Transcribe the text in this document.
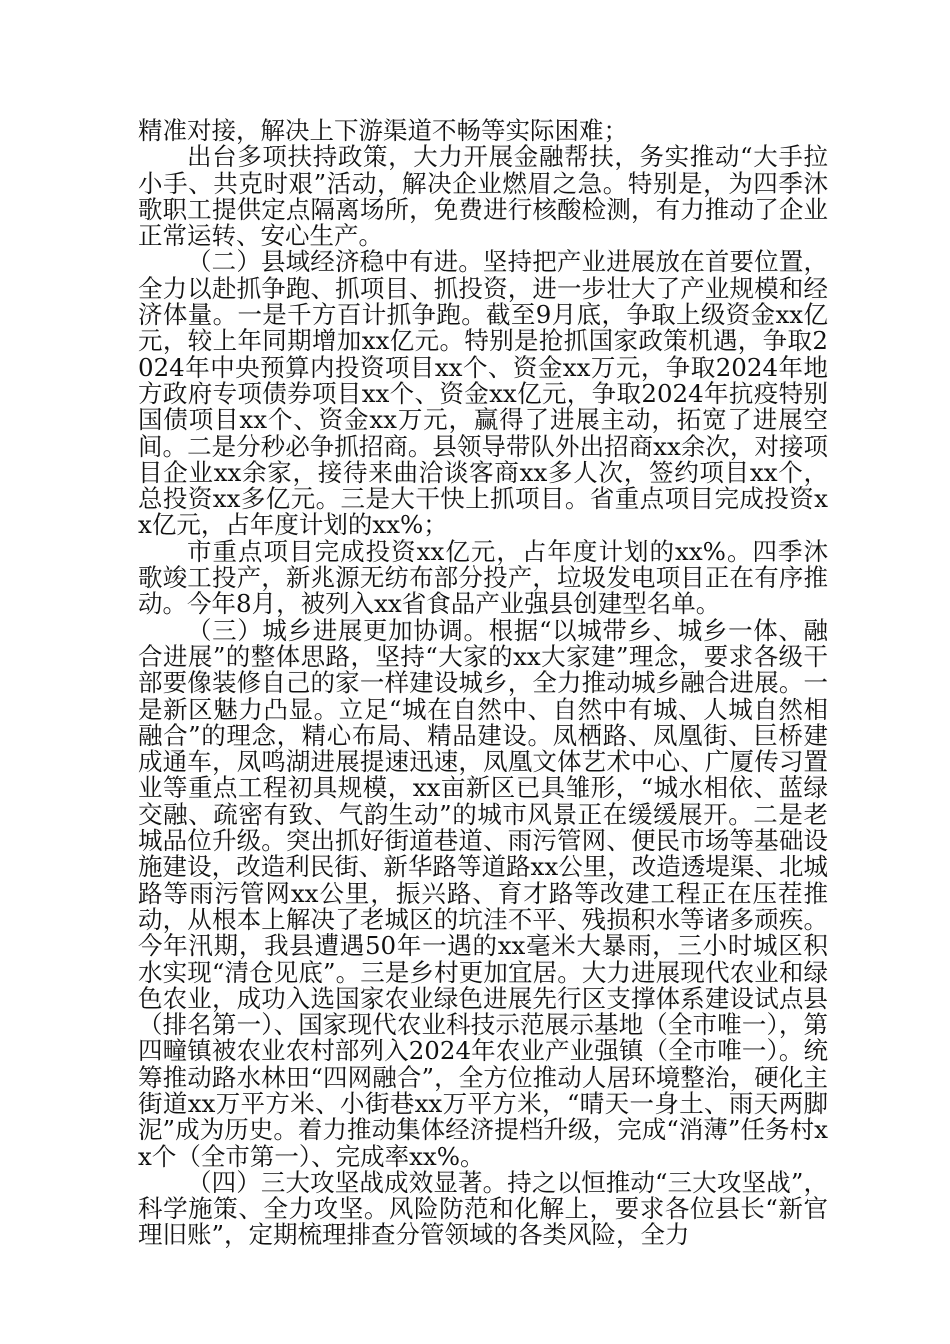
精准对接，解决上下游渠道不畅等实际困难；

出台多项扶持政策，大力开展金融帮扶，务实推动“大手拉小手、共克时艰”活动，解决企业燃眉之急。特别是，为四季沐歌职工提供定点隔离场所，免费进行核酸检测，有力推动了企业正常运转、安心生产。

（二）县域经济稳中有进。坚持把产业进展放在首要位置，全力以赴抓争跑、抓项目、抓投资，进一步壮大了产业规模和经济体量。一是千方百计抓争跑。截至9月底，争取上级资金xx亿元，较上年同期增加xx亿元。特别是抢抓国家政策机遇，争取2024年中央预算内投资项目xx个、资金xx万元，争取2024年地方政府专项债券项目xx个、资金xx亿元，争取2024年抗疫特别国债项目xx个、资金xx万元，赢得了进展主动，拓宽了进展空间。二是分秒必争抓招商。县领导带队外出招商xx余次，对接项目企业xx余家，接待来曲洽谈客商xx多人次，签约项目xx个，总投资xx多亿元。三是大干快上抓项目。省重点项目完成投资xx亿元，占年度计划的xx%；

市重点项目完成投资xx亿元，占年度计划的xx%。四季沐歌竣工投产，新兆源无纺布部分投产，垃圾发电项目正在有序推动。今年8月，被列入xx省食品产业强县创建型名单。

（三）城乡进展更加协调。根据“以城带乡、城乡一体、融合进展”的整体思路，坚持“大家的xx大家建”理念，要求各级干部要像装修自己的家一样建设城乡，全力推动城乡融合进展。一是新区魅力凸显。立足“城在自然中、自然中有城、人城自然相融合”的理念，精心布局、精品建设。凤栖路、凤凰街、巨桥建成通车，凤鸣湖进展提速迅速，凤凰文体艺术中心、广厦传习置业等重点工程初具规模，xx亩新区已具雏形，“城水相依、蓝绿交融、疏密有致、气韵生动”的城市风景正在缓缓展开。二是老城品位升级。突出抓好街道巷道、雨污管网、便民市场等基础设施建设，改造利民街、新华路等道路xx公里，改造透堤渠、北城路等雨污管网xx公里，振兴路、育才路等改建工程正在压茬推动，从根本上解决了老城区的坑洼不平、残损积水等诸多顽疾。今年汛期，我县遭遇50年一遇的xx毫米大暴雨，三小时城区积水实现“清仓见底”。三是乡村更加宜居。大力进展现代农业和绿色农业，成功入选国家农业绿色进展先行区支撑体系建设试点县（排名第一）、国家现代农业科技示范展示基地（全市唯一），第四疃镇被农业农村部列入2024年农业产业强镇（全市唯一）。统筹推动路水林田“四网融合”，全方位推动人居环境整治，硬化主街道xx万平方米、小街巷xx万平方米，“晴天一身土、雨天两脚泥”成为历史。着力推动集体经济提档升级，完成“消薄”任务村xx个（全市第一）、完成率xx%。

（四）三大攻坚战成效显著。持之以恒推动“三大攻坚战”，科学施策、全力攻坚。风险防范和化解上，要求各位县长“新官理旧账”，定期梳理排查分管领域的各类风险，全力
